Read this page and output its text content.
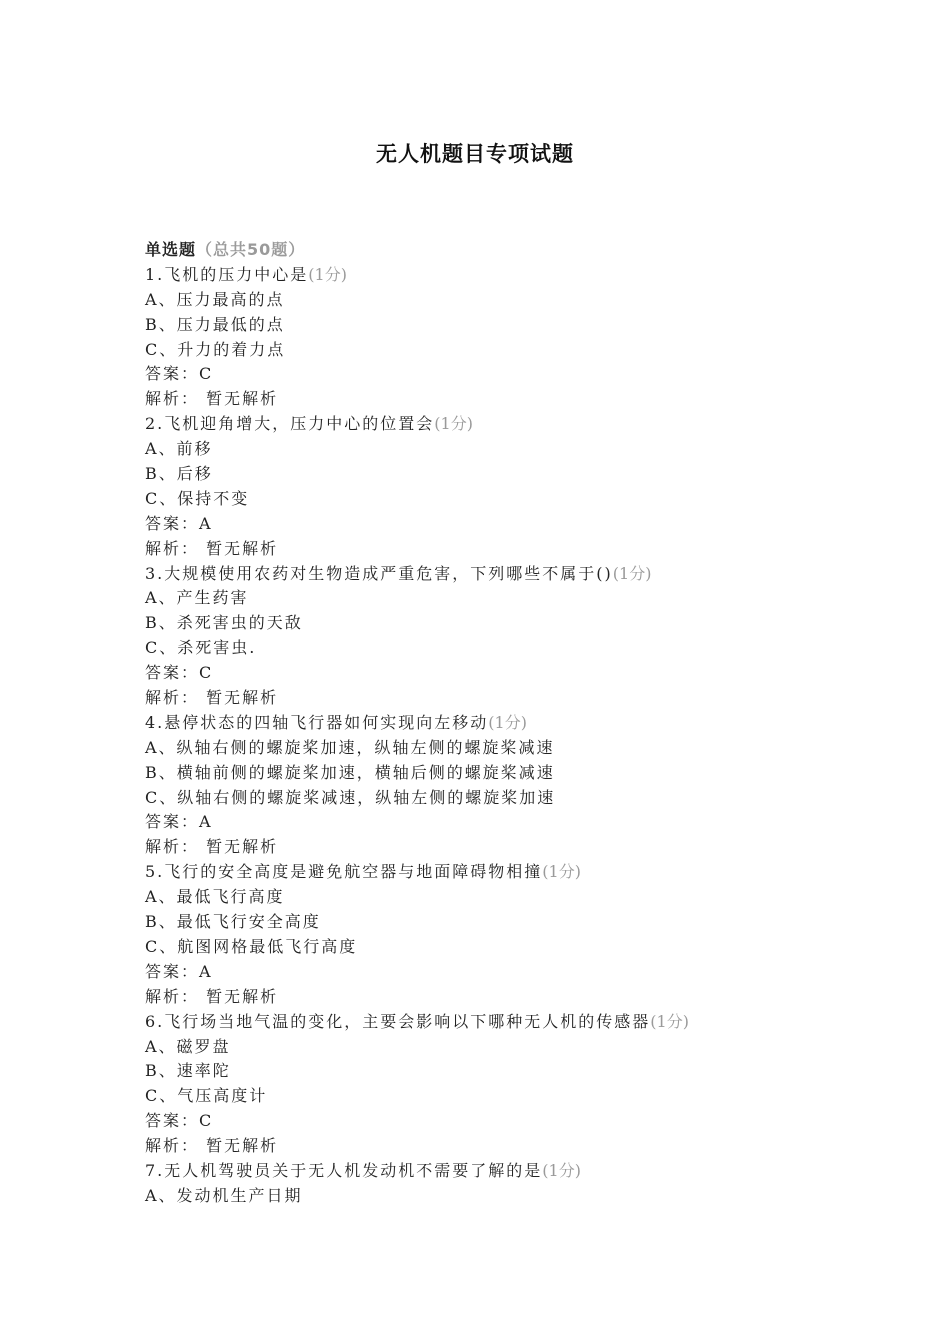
无人机题目专项试题
单选题（总共50题）
1.飞机的压力中心是(1分)
A、压力最高的点
B、压力最低的点
C、升力的着力点
答案：C
解析： 暂无解析
2.飞机迎角增大，压力中心的位置会(1分)
A、前移
B、后移
C、保持不变
答案：A
解析： 暂无解析
3.大规模使用农药对生物造成严重危害，下列哪些不属于()(1分)
A、产生药害
B、杀死害虫的天敌
C、杀死害虫.
答案：C
解析： 暂无解析
4.悬停状态的四轴飞行器如何实现向左移动(1分)
A、纵轴右侧的螺旋桨加速，纵轴左侧的螺旋桨减速
B、横轴前侧的螺旋桨加速，横轴后侧的螺旋桨减速
C、纵轴右侧的螺旋桨减速，纵轴左侧的螺旋桨加速
答案：A
解析： 暂无解析
5.飞行的安全高度是避免航空器与地面障碍物相撞(1分)
A、最低飞行高度
B、最低飞行安全高度
C、航图网格最低飞行高度
答案：A
解析： 暂无解析
6.飞行场当地气温的变化，主要会影响以下哪种无人机的传感器(1分)
A、磁罗盘
B、速率陀
C、气压高度计
答案：C
解析： 暂无解析
7.无人机驾驶员关于无人机发动机不需要了解的是(1分)
A、发动机生产日期
